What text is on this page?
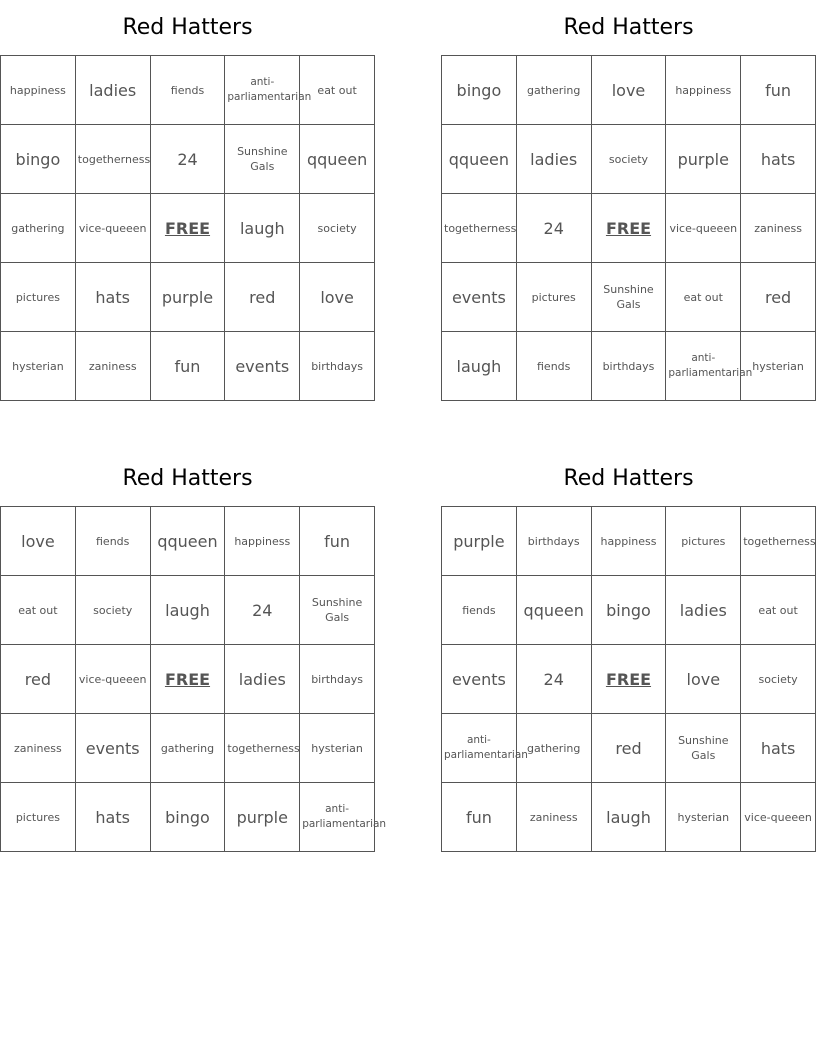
Red Hatters
happiness	ladies	fiends	anti-parliamentarian	eat out
bingo	togetherness	24	Sunshine Gals	qqueen
gathering	vice-queeen	FREE	laugh	society
pictures	hats	purple	red	love
hysterian	zaniness	fun	events	birthdays
Red Hatters
bingo	gathering	love	happiness	fun
qqueen	ladies	society	purple	hats
togetherness	24	FREE	vice-queeen	zaniness
events	pictures	Sunshine Gals	eat out	red
laugh	fiends	birthdays	anti-parliamentarian	hysterian
Red Hatters
love	fiends	qqueen	happiness	fun
eat out	society	laugh	24	Sunshine Gals
red	vice-queeen	FREE	ladies	birthdays
zaniness	events	gathering	togetherness	hysterian
pictures	hats	bingo	purple	anti-parliamentarian
Red Hatters
purple	birthdays	happiness	pictures	togetherness
fiends	qqueen	bingo	ladies	eat out
events	24	FREE	love	society
anti-parliamentarian	gathering	red	Sunshine Gals	hats
fun	zaniness	laugh	hysterian	vice-queeen
